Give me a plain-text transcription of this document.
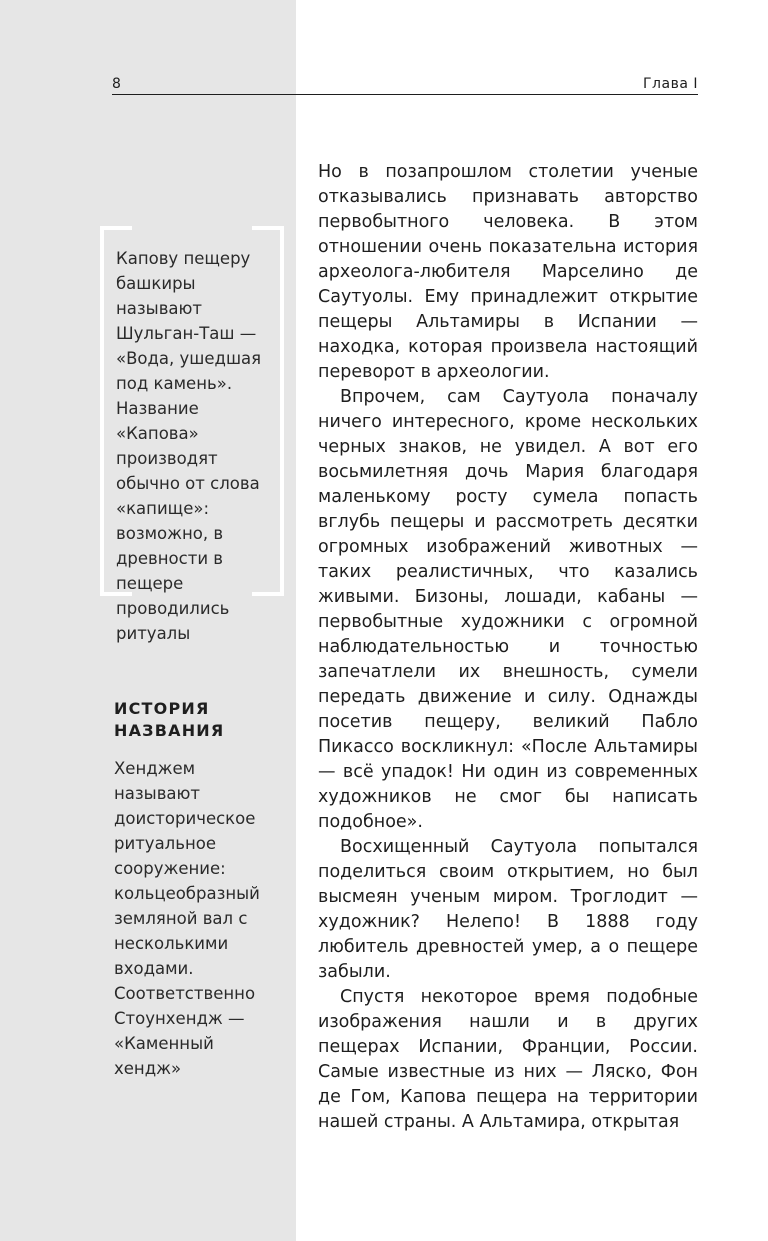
8	Глава I
Капову пещеру башкиры называют Шульган-Таш — «Вода, ушедшая под камень». Название «Капова» производят обычно от слова «капище»: возможно, в древности в пещере проводились ритуалы
ИСТОРИЯ НАЗВАНИЯ
Хенджем называют доисторическое ритуальное сооружение: кольцеобразный земляной вал с несколькими входами. Соответственно Стоунхендж — «Каменный хендж»

Но в позапрошлом столетии ученые отказывались признавать авторство первобытного человека. В этом отношении очень показательна история археолога-любителя Марселино де Саутуолы. Ему принадлежит открытие пещеры Альтамиры в Испании — находка, которая произвела настоящий переворот в археологии.

Впрочем, сам Саутуола поначалу ничего интересного, кроме нескольких черных знаков, не увидел. А вот его восьмилетняя дочь Мария благодаря маленькому росту сумела попасть вглубь пещеры и рассмотреть десятки огромных изображений животных — таких реалистичных, что казались живыми. Бизоны, лошади, кабаны — первобытные художники с огромной наблюдательностью и точностью запечатлели их внешность, сумели передать движение и силу. Однажды посетив пещеру, великий Пабло Пикассо воскликнул: «После Альтамиры — всё упадок! Ни один из современных художников не смог бы написать подобное».

Восхищенный Саутуола попытался поделиться своим открытием, но был высмеян ученым миром. Троглодит — художник? Нелепо! В 1888 году любитель древностей умер, а о пещере забыли.

Спустя некоторое время подобные изображения нашли и в других пещерах Испании, Франции, России. Самые известные из них — Ляско, Фон де Гом, Капова пещера на территории нашей страны. А Альтамира, открытая
